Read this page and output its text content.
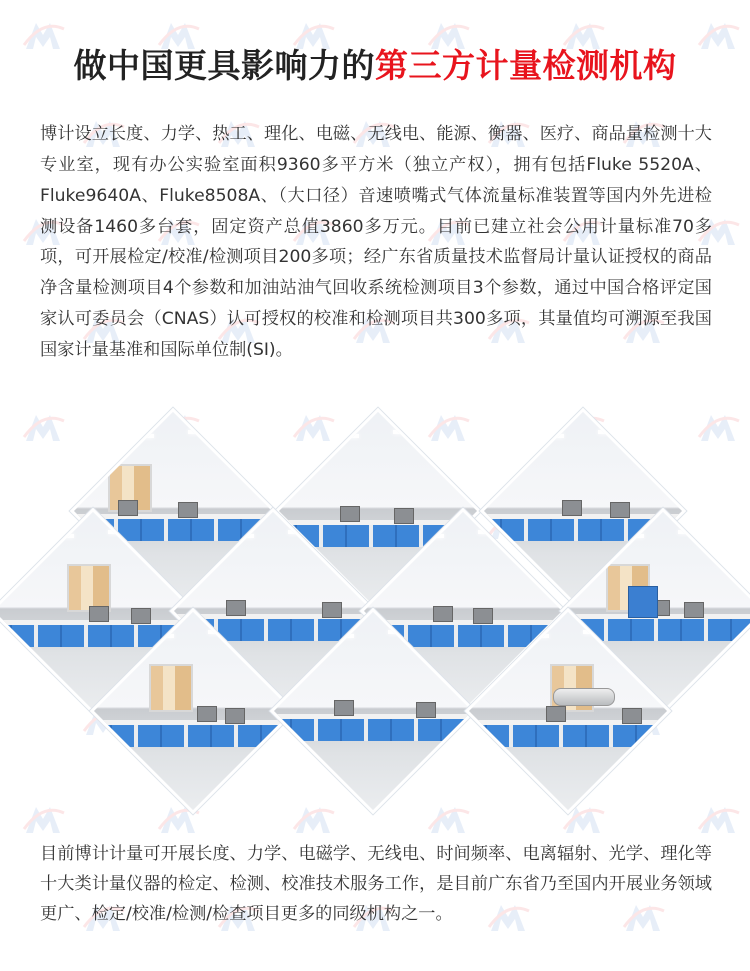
做中国更具影响力的第三方计量检测机构

博计设立长度、力学、热工、理化、电磁、无线电、能源、衡器、医疗、商品量检测十大专业室，现有办公实验室面积9360多平方米（独立产权），拥有包括Fluke 5520A、Fluke9640A、Fluke8508A、（大口径）音速喷嘴式气体流量标准装置等国内外先进检测设备1460多台套，固定资产总值3860多万元。目前已建立社会公用计量标准70多项，可开展检定/校准/检测项目200多项；经广东省质量技术监督局计量认证授权的商品净含量检测项目4个参数和加油站油气回收系统检测项目3个参数，通过中国合格评定国家认可委员会（CNAS）认可授权的校准和检测项目共300多项，其量值均可溯源至我国国家计量基准和国际单位制(SI)。

目前博计计量可开展长度、力学、电磁学、无线电、时间频率、电离辐射、光学、理化等十大类计量仪器的检定、检测、校准技术服务工作，是目前广东省乃至国内开展业务领域更广、检定/校准/检测/检查项目更多的同级机构之一。
